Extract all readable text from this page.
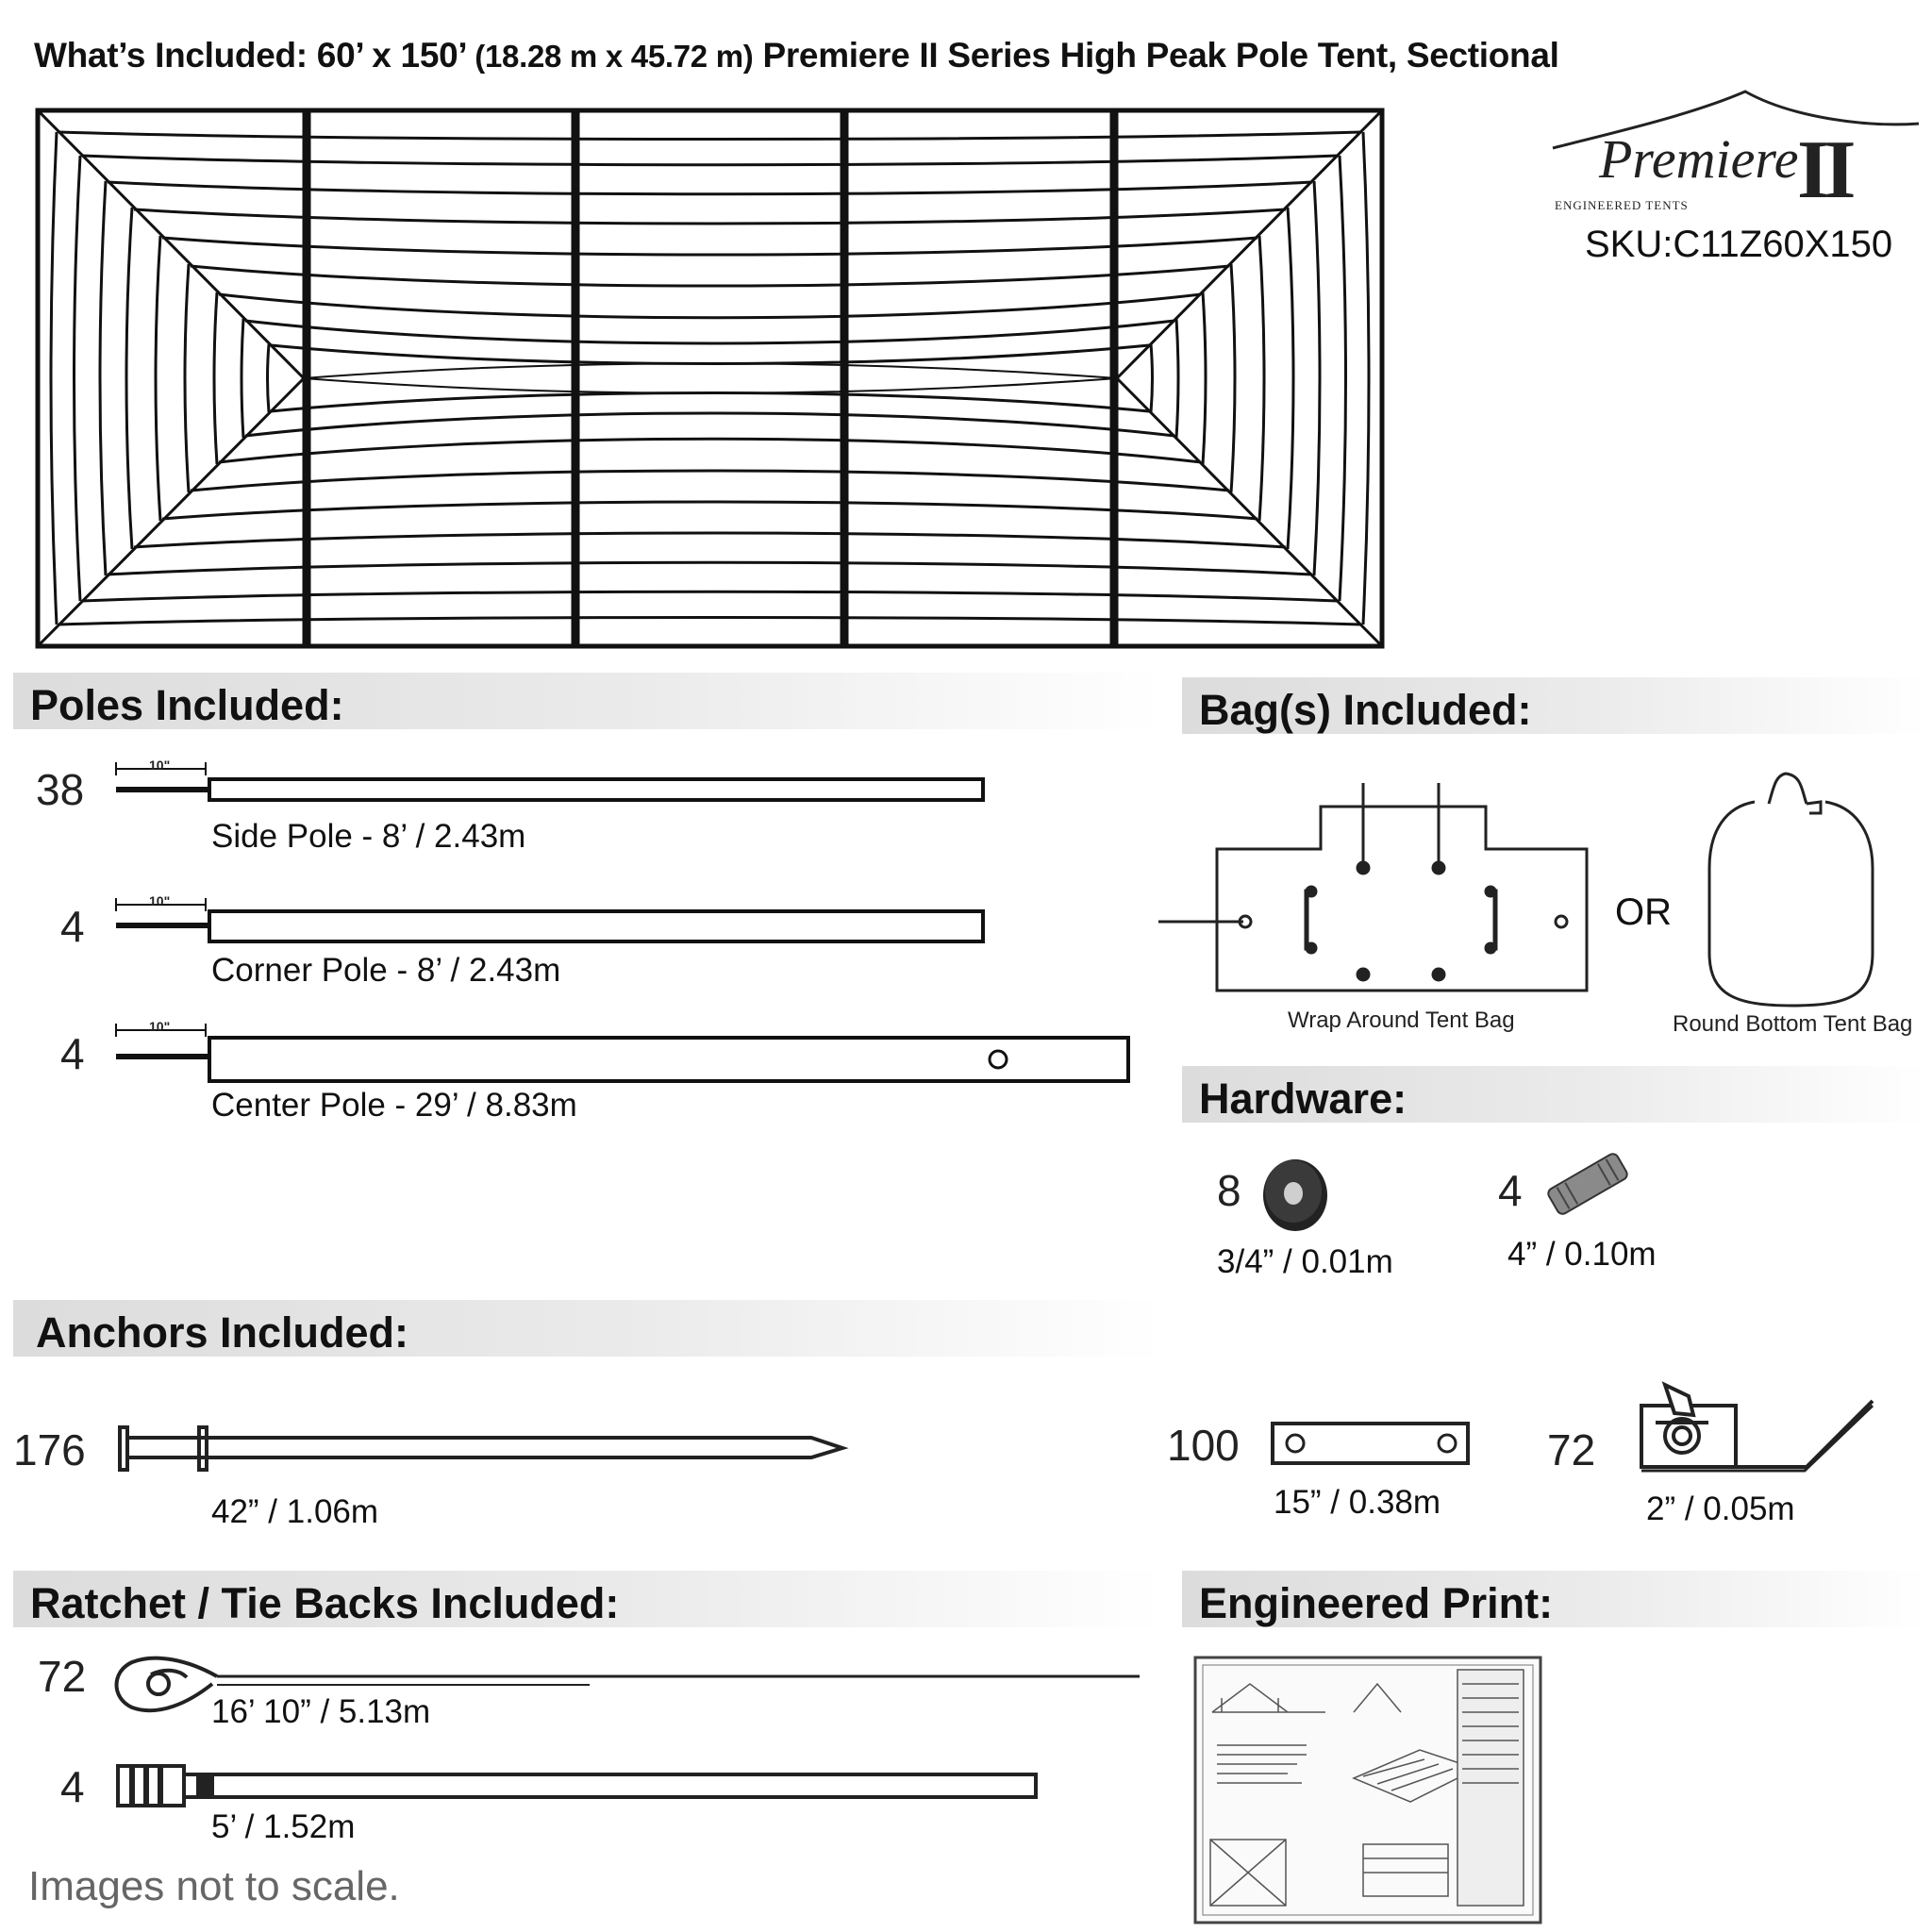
What’s Included: 60’ x 150’ (18.28 m x 45.72 m) Premiere II Series High Peak Pole Tent, Sectional
Premiere
II
ENGINEERED TENTS
SKU:C11Z60X150
Poles Included:	Bag(s) Included:
Hardware:
Anchors Included:
Ratchet / Tie Backs Included:	Engineered Print:
38
4
4
10"
10"
10"
Side Pole - 8’ / 2.43m
Corner Pole - 8’ / 2.43m
Center Pole - 29’ / 8.83m
Wrap Around Tent Bag
OR
Round Bottom Tent Bag
8
3/4” / 0.01m
4
4” / 0.10m
176
42” / 1.06m
100
15” / 0.38m
72
2” / 0.05m
72
16’ 10” / 5.13m
4
5’ / 1.52m
Images not to scale.
